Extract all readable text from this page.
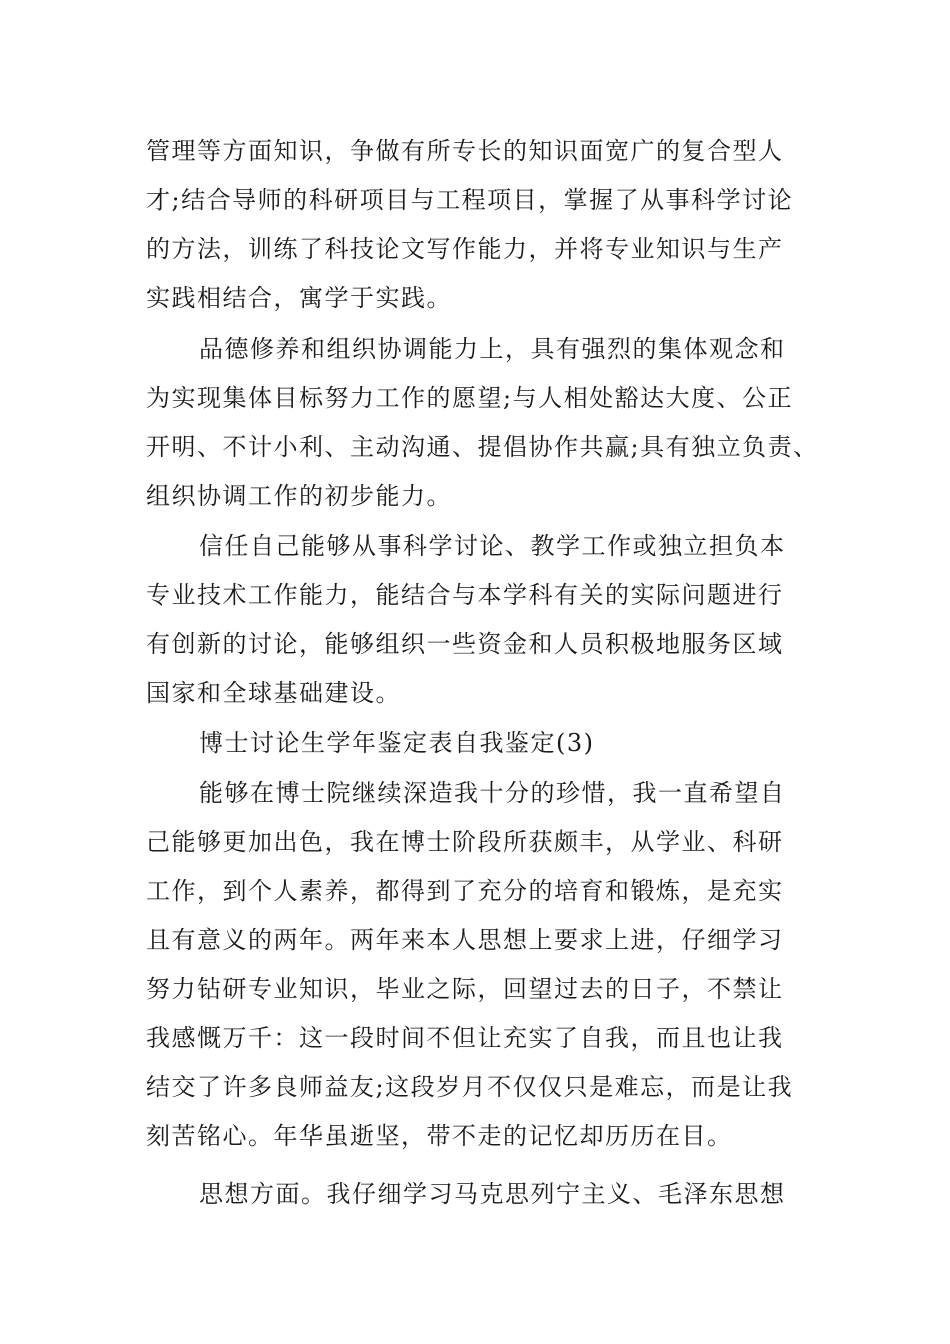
管理等方面知识，争做有所专长的知识面宽广的复合型人
才;结合导师的科研项目与工程项目，掌握了从事科学讨论
的方法，训练了科技论文写作能力，并将专业知识与生产
实践相结合，寓学于实践。
品德修养和组织协调能力上，具有强烈的集体观念和
为实现集体目标努力工作的愿望;与人相处豁达大度、公正
开明、不计小利、主动沟通、提倡协作共赢;具有独立负责、
组织协调工作的初步能力。
信任自己能够从事科学讨论、教学工作或独立担负本
专业技术工作能力，能结合与本学科有关的实际问题进行
有创新的讨论，能够组织一些资金和人员积极地服务区域
国家和全球基础建设。
博士讨论生学年鉴定表自我鉴定(3)
能够在博士院继续深造我十分的珍惜，我一直希望自
己能够更加出色，我在博士阶段所获颇丰，从学业、科研
工作，到个人素养，都得到了充分的培育和锻炼，是充实
且有意义的两年。两年来本人思想上要求上进，仔细学习
努力钻研专业知识，毕业之际，回望过去的日子，不禁让
我感慨万千：这一段时间不但让充实了自我，而且也让我
结交了许多良师益友;这段岁月不仅仅只是难忘，而是让我
刻苦铭心。年华虽逝坚，带不走的记忆却历历在目。
思想方面。我仔细学习马克思列宁主义、毛泽东思想
